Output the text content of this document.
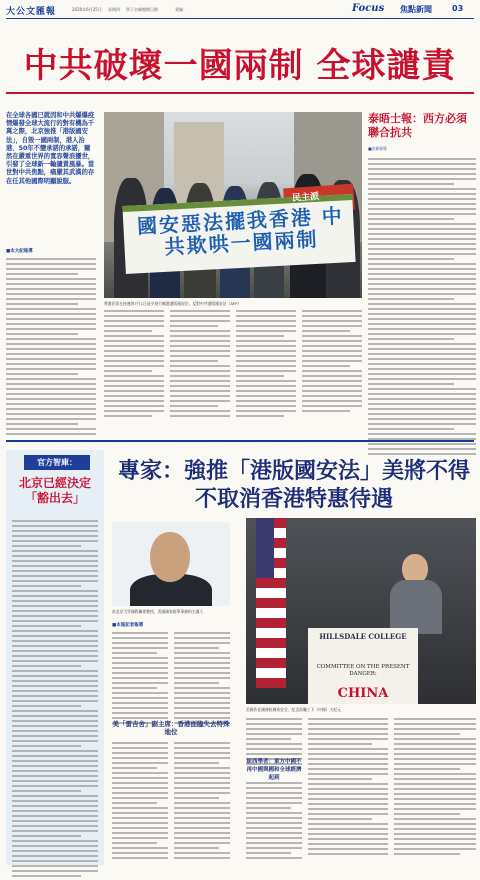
大公文匯報	2020年6月25日 星期四 學子名師檔期日期	責編：	Focus 焦點新聞	03
中共破壞一國兩制 全球譴責
在全球各國已就因和中共爆爆疫情爆發全球大流行的對有機為千萬之際，北京強推「港版國安法」，自毀一國兩制，港人治港、50年不變承諾的承諾，爾然在嚴重世界的寬容聲浪擾世，引發了全球新一輪譴責風暴。當世對中共焦點，痛嚴其武漢的存在任其他國際明顯說服。
■本大紀報導
國安惡法擺我香港 中共欺哄一國兩制
民主派
香港民眾在接連的7月1日前夕遊行喊港港版國安法，反對中共港版國安法（AFP）
泰晤士報：西方必須聯合抗共
■法新報導
官方智庫：
北京已經決定「豁出去」
專家：強推「港版國安法」美將不得不取消香港特惠待遇
前北京大學國際關係教授，美國國家駐華事務的主講人
■本報記者報導
美「雷吉舍」副主席：香港面臨失去特殊地位
HILLSDALE COLLEGE
COMMITTEE ON THE PRESENT DANGER:
CHINA
美國作任國務院國家安全、紀念前職工下（中國）大紀元
紐西學者：東方中國不再中國與國和全球經濟起到
